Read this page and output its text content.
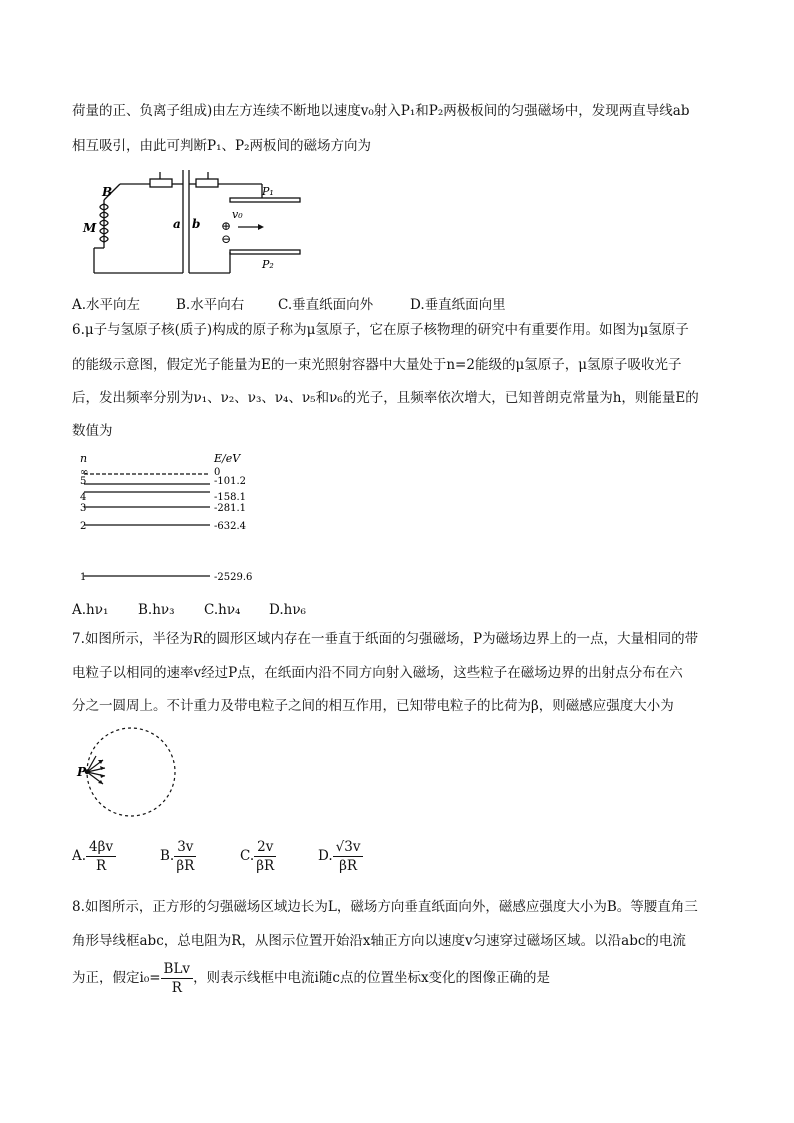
荷量的正、负离子组成)由左方连续不断地以速度v₀射入P₁和P₂两极板间的匀强磁场中，发现两直导线ab
相互吸引，由此可判断P₁、P₂两板间的磁场方向为
B
M	a b
P₁
P₂
v₀
⊕
⊖
A.水平向左	B.水平向右	C.垂直纸面向外	D.垂直纸面向里
6.μ子与氢原子核(质子)构成的原子称为μ氢原子，它在原子核物理的研究中有重要作用。如图为μ氢原子
的能级示意图，假定光子能量为E的一束光照射容器中大量处于n=2能级的μ氢原子，μ氢原子吸收光子
后，发出频率分别为ν₁、ν₂、ν₃、ν₄、ν₅和ν₆的光子，且频率依次增大，已知普朗克常量为h，则能量E的
数值为
n	E/eV
∞	0
5	-101.2
4	-158.1
3	-281.1
2	-632.4
1	-2529.6
A.hν₁ B.hν₃ C.hν₄ D.hν₆
7.如图所示，半径为R的圆形区域内存在一垂直于纸面的匀强磁场，P为磁场边界上的一点，大量相同的带
电粒子以相同的速率v经过P点，在纸面内沿不同方向射入磁场，这些粒子在磁场边界的出射点分布在六
分之一圆周上。不计重力及带电粒子之间的相互作用，已知带电粒子的比荷为β，则磁感应强度大小为
P
A. $\frac{4\beta v}{R}$	B. $\frac{3v}{\beta R}$	C. $\frac{2v}{\beta R}$	D. $\frac{√3v}{\beta R}$
8.如图所示，正方形的匀强磁场区域边长为L，磁场方向垂直纸面向外，磁感应强度大小为B。等腰直角三
角形导线框abc，总电阻为R，从图示位置开始沿x轴正方向以速度v匀速穿过磁场区域。以沿abc的电流
为正，假定$i_0= \frac{\text{BLv}}{R}$ ，则表示线框中电流i随c点的位置坐标x变化的图像正确的是
